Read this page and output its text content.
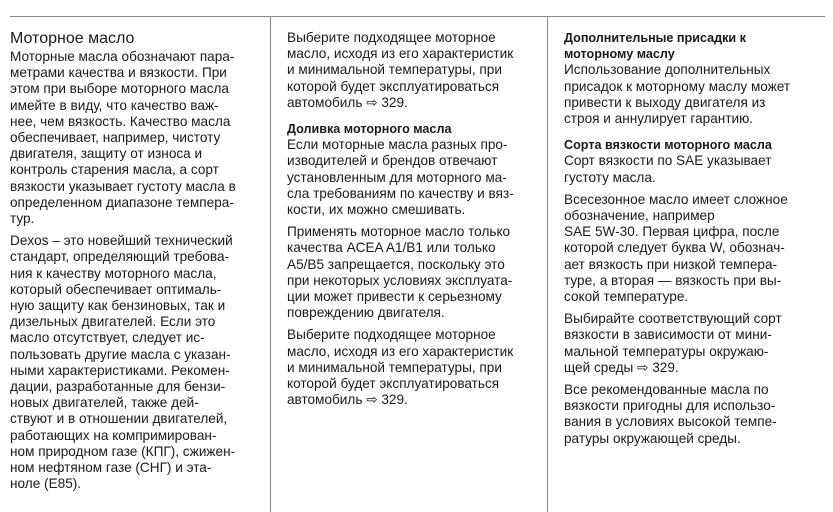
Моторное масло
Моторные масла обозначают пара-
метрами качества и вязкости. При
этом при выборе моторного масла
имейте в виду, что качество важ-
нее, чем вязкость. Качество масла
обеспечивает, например, чистоту
двигателя, защиту от износа и
контроль старения масла, а сорт
вязкости указывает густоту масла в
определенном диапазоне темпера-
тур.
Dexos – это новейший технический
стандарт, определяющий требова-
ния к качеству моторного масла,
который обеспечивает оптималь-
ную защиту как бензиновых, так и
дизельных двигателей. Если это
масло отсутствует, следует ис-
пользовать другие масла с указан-
ными характеристиками. Рекомен-
дации, разработанные для бензи-
новых двигателей, также дей-
ствуют и в отношении двигателей,
работающих на компримирован-
ном природном газе (КПГ), сжижен-
ном нефтяном газе (СНГ) и эта-
ноле (E85).
Выберите подходящее моторное
масло, исходя из его характеристик
и минимальной температуры, при
которой будет эксплуатироваться
автомобиль ⇨ 329.
Доливка моторного масла
Если моторные масла разных про-
изводителей и брендов отвечают
установленным для моторного ма-
сла требованиям по качеству и вяз-
кости, их можно смешивать.
Применять моторное масло только
качества ACEA A1/B1 или только
A5/B5 запрещается, поскольку это
при некоторых условиях эксплуата-
ции может привести к серьезному
повреждению двигателя.
Выберите подходящее моторное
масло, исходя из его характеристик
и минимальной температуры, при
которой будет эксплуатироваться
автомобиль ⇨ 329.
Дополнительные присадки к
моторному маслу
Использование дополнительных
присадок к моторному маслу может
привести к выходу двигателя из
строя и аннулирует гарантию.
Сорта вязкости моторного масла
Сорт вязкости по SAE указывает
густоту масла.
Всесезонное масло имеет сложное
обозначение, например
SAE 5W-30. Первая цифра, после
которой следует буква W, обознач-
ает вязкость при низкой темпера-
туре, а вторая — вязкость при вы-
сокой температуре.
Выбирайте соответствующий сорт
вязкости в зависимости от мини-
мальной температуры окружаю-
щей среды ⇨ 329.
Все рекомендованные масла по
вязкости пригодны для использо-
вания в условиях высокой темпе-
ратуры окружающей среды.
